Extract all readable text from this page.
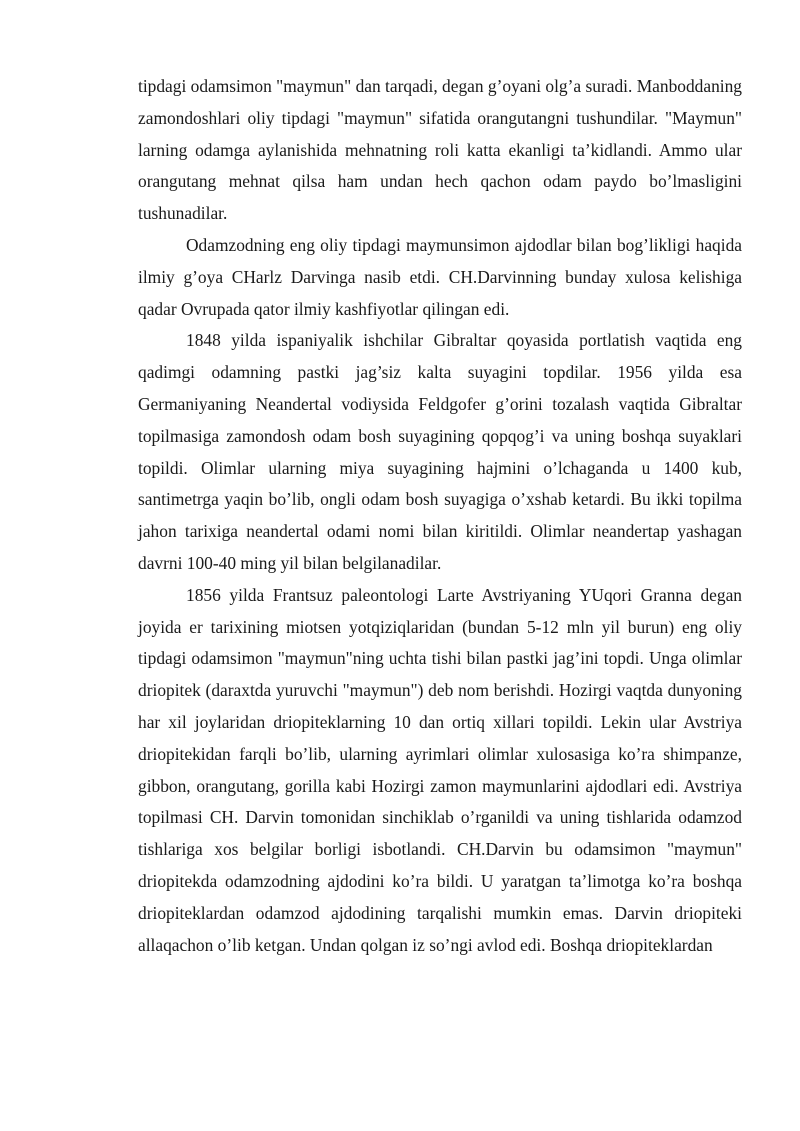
tipdagi odamsimon "maymun" dan tarqadi, degan g’oyani olg’a suradi. Manboddaning zamondoshlari oliy tipdagi "maymun" sifatida orangutangni tushundilar. "Maymun" larning odamga aylanishida mehnatning roli katta ekanligi ta’kidlandi. Ammo ular orangutang mehnat qilsa ham undan hech qachon odam paydo bo’lmasligini tushunadilar.

Odamzodning eng oliy tipdagi maymunsimon ajdodlar bilan bog’likligi haqida ilmiy g’oya CHarlz Darvinga nasib etdi. CH.Darvinning bunday xulosa kelishiga qadar Ovrupada qator ilmiy kashfiyotlar qilingan edi.

1848 yilda ispaniyalik ishchilar Gibraltar qoyasida portlatish vaqtida eng qadimgi odamning pastki jag’siz kalta suyagini topdilar. 1956 yilda esa Germaniyaning Neandertal vodiysida Feldgofer g’orini tozalash vaqtida Gibraltar topilmasiga zamondosh odam bosh suyagining qopqog’i va uning boshqa suyaklari topildi. Olimlar ularning miya suyagining hajmini o’lchaganda u 1400 kub, santimetrga yaqin bo’lib, ongli odam bosh suyagiga o’xshab ketardi. Bu ikki topilma jahon tarixiga neandertal odami nomi bilan kiritildi. Olimlar neandertap yashagan davrni 100-40 ming yil bilan belgilanadilar.

1856 yilda Frantsuz paleontologi Larte Avstriyaning YUqori Granna degan joyida er tarixining miotsen yotqiziqlaridan (bundan 5-12 mln yil burun) eng oliy tipdagi odamsimon "maymun"ning uchta tishi bilan pastki jag’ini topdi. Unga olimlar driopitek (daraxtda yuruvchi "maymun") deb nom berishdi. Hozirgi vaqtda dunyoning har xil joylaridan driopiteklarning 10 dan ortiq xillari topildi. Lekin ular Avstriya driopitekidan farqli bo’lib, ularning ayrimlari olimlar xulosasiga ko’ra shimpanze, gibbon, orangutang, gorilla kabi Hozirgi zamon maymunlarini ajdodlari edi. Avstriya topilmasi CH. Darvin tomonidan sinchiklab o’rganildi va uning tishlarida odamzod tishlariga xos belgilar borligi isbotlandi. CH.Darvin bu odamsimon "maymun" driopitekda odamzodning ajdodini ko’ra bildi. U yaratgan ta’limotga ko’ra boshqa driopiteklardan odamzod ajdodining tarqalishi mumkin emas. Darvin driopiteki allaqachon o’lib ketgan. Undan qolgan iz so’ngi avlod edi. Boshqa driopiteklardan
